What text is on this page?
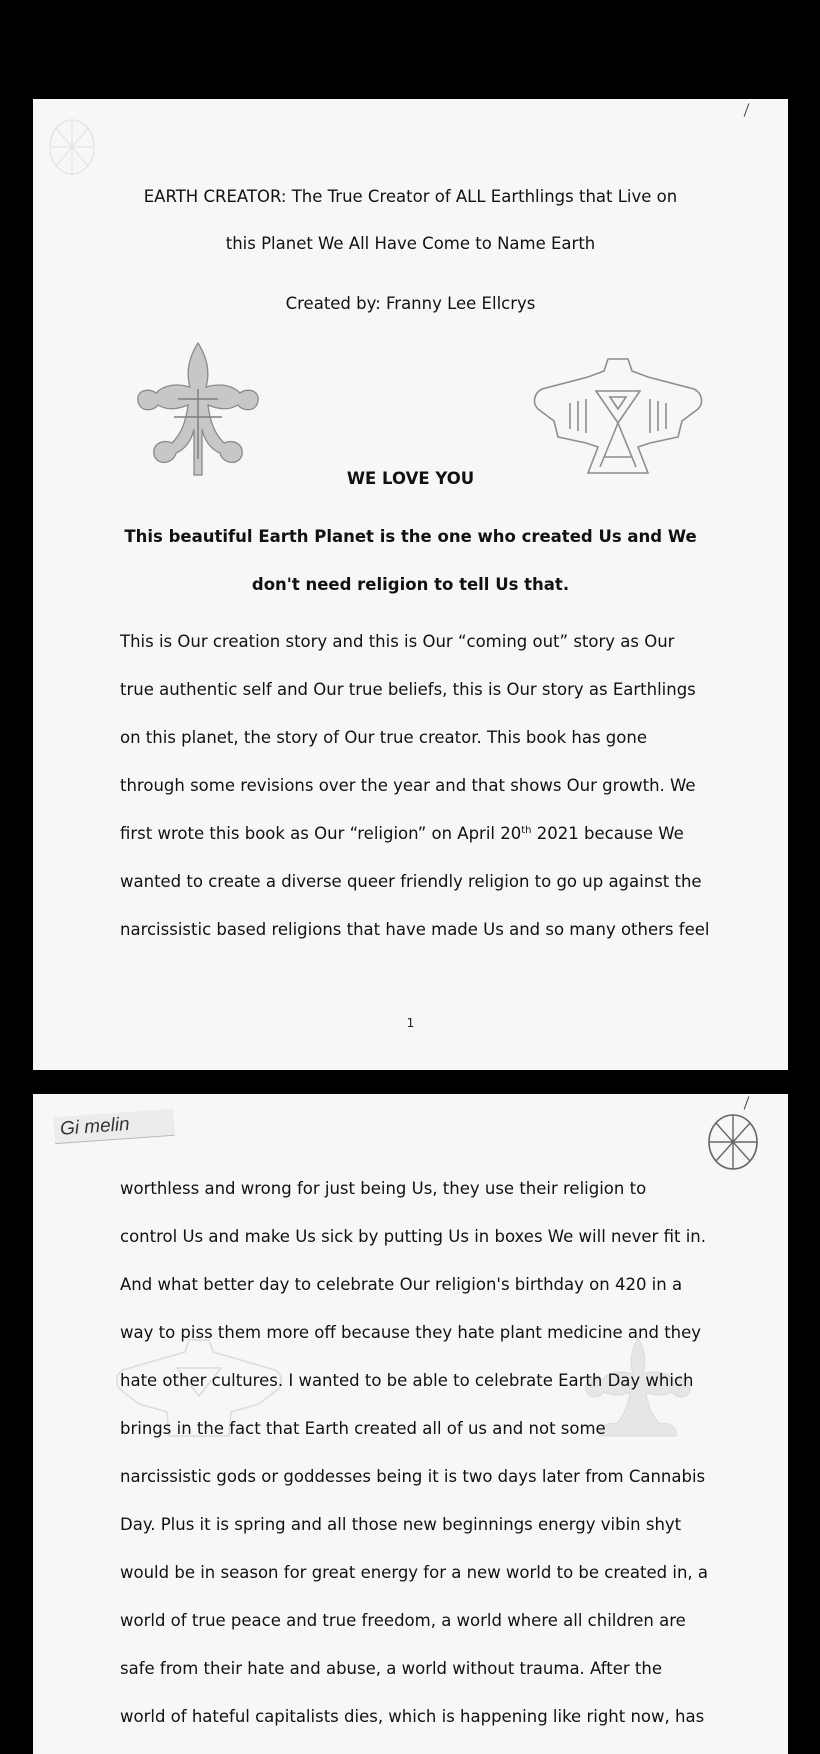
EARTH CREATOR: The True Creator of ALL Earthlings that Live on
this Planet We All Have Come to Name Earth
Created by: Franny Lee Ellcrys
WE LOVE YOU
This beautiful Earth Planet is the one who created Us and We
don't need religion to tell Us that.
This is Our creation story and this is Our “coming out” story as Our
true authentic self and Our true beliefs, this is Our story as Earthlings
on this planet, the story of Our true creator. This book has gone
through some revisions over the year and that shows Our growth. We
first wrote this book as Our “religion” on April 20th 2021 because We
wanted to create a diverse queer friendly religion to go up against the
narcissistic based religions that have made Us and so many others feel
1
Gi melin
worthless and wrong for just being Us, they use their religion to
control Us and make Us sick by putting Us in boxes We will never fit in.
And what better day to celebrate Our religion's birthday on 420 in a
way to piss them more off because they hate plant medicine and they
hate other cultures. I wanted to be able to celebrate Earth Day which
brings in the fact that Earth created all of us and not some
narcissistic gods or goddesses being it is two days later from Cannabis
Day. Plus it is spring and all those new beginnings energy vibin shyt
would be in season for great energy for a new world to be created in, a
world of true peace and true freedom, a world where all children are
safe from their hate and abuse, a world without trauma. After the
world of hateful capitalists dies, which is happening like right now, has
